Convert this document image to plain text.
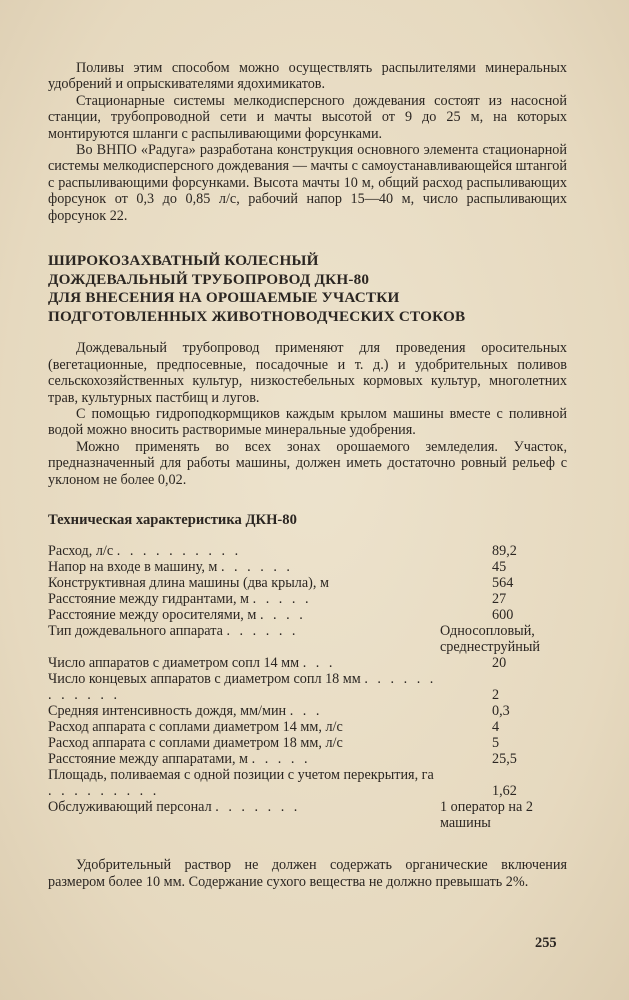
Поливы этим способом можно осуществлять распылителями минеральных удобрений и опрыскивателями ядохимикатов.

Стационарные системы мелкодисперсного дождевания состоят из насосной станции, трубопроводной сети и мачты высотой от 9 до 25 м, на которых монтируются шланги с распыливающими форсунками.

Во ВНПО «Радуга» разработана конструкция основного элемента стационарной системы мелкодисперсного дождевания — мачты с самоустанавливающейся штангой с распыливающими форсунками. Высота мачты 10 м, общий расход распыливающих форсунок от 0,3 до 0,85 л/с, рабочий напор 15—40 м, число распыливающих форсунок 22.

ШИРОКОЗАХВАТНЫЙ КОЛЕСНЫЙ
ДОЖДЕВАЛЬНЫЙ ТРУБОПРОВОД ДКН-80
ДЛЯ ВНЕСЕНИЯ НА ОРОШАЕМЫЕ УЧАСТКИ
ПОДГОТОВЛЕННЫХ ЖИВОТНОВОДЧЕСКИХ СТОКОВ

Дождевальный трубопровод применяют для проведения оросительных (вегетационные, предпосевные, посадочные и т. д.) и удобрительных поливов сельскохозяйственных культур, низкостебельных кормовых культур, многолетних трав, культурных пастбищ и лугов.

С помощью гидроподкормщиков каждым крылом машины вместе с поливной водой можно вносить растворимые минеральные удобрения.

Можно применять во всех зонах орошаемого земледелия. Участок, предназначенный для работы машины, должен иметь достаточно ровный рельеф с уклоном не более 0,02.

Техническая характеристика ДКН-80
Расход, л/с . . . . . . . . . .	89,2
Напор на входе в машину, м . . . . . .	45
Конструктивная длина машины (два крыла), м	564
Расстояние между гидрантами, м . . . . .	27
Расстояние между оросителями, м . . . .	600
Тип дождевального аппарата . . . . . .	Односопловый, среднеструйный
Число аппаратов с диаметром сопл 14 мм . . .	20
Число концевых аппаратов с диаметром сопл 18 мм . . . . . . . . . . . .	2
Средняя интенсивность дождя, мм/мин . . .	0,3
Расход аппарата с соплами диаметром 14 мм, л/с	4
Расход аппарата с соплами диаметром 18 мм, л/с	5
Расстояние между аппаратами, м . . . . .	25,5
Площадь, поливаемая с одной позиции с учетом перекрытия, га . . . . . . . . .	1,62
Обслуживающий персонал . . . . . . .	1 оператор на 2 машины

Удобрительный раствор не должен содержать органические включения размером более 10 мм. Содержание сухого вещества не должно превышать 2%.

255
